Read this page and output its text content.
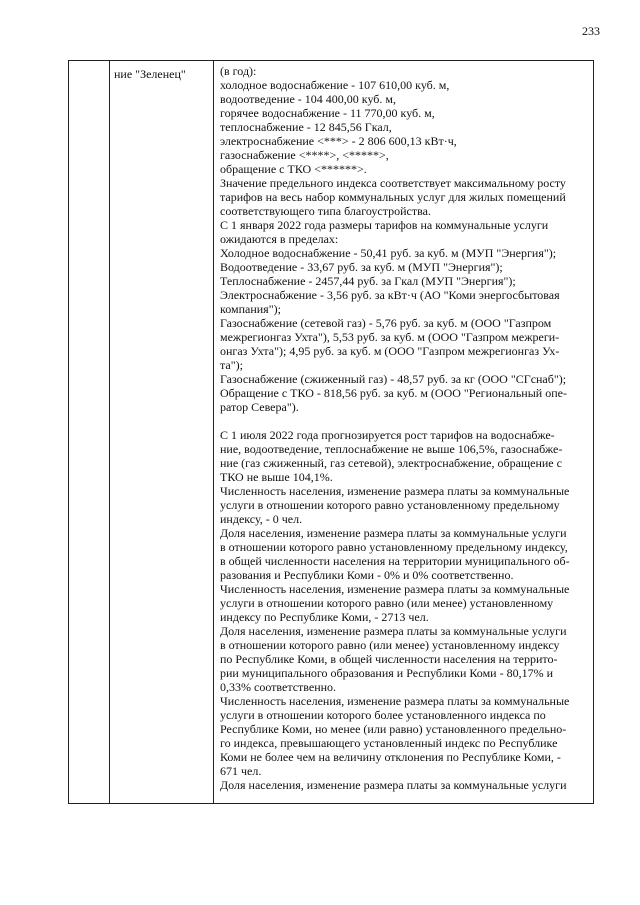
233
	ние "Зеленец"	(в год):
холодное водоснабжение - 107 610,00 куб. м,
водоотведение - 104 400,00 куб. м,
горячее водоснабжение - 11 770,00 куб. м,
теплоснабжение - 12 845,56 Гкал,
электроснабжение <***> - 2 806 600,13 кВт·ч,
газоснабжение <****>, <*****>,
обращение с ТКО <******>.
Значение предельного индекса соответствует максимальному росту
тарифов на весь набор коммунальных услуг для жилых помещений
соответствующего типа благоустройства.
С 1 января 2022 года размеры тарифов на коммунальные услуги
ожидаются в пределах:
Холодное водоснабжение - 50,41 руб. за куб. м (МУП "Энергия");
Водоотведение - 33,67 руб. за куб. м (МУП "Энергия");
Теплоснабжение - 2457,44 руб. за Гкал (МУП "Энергия");
Электроснабжение - 3,56 руб. за кВт·ч (АО "Коми энергосбытовая
компания");
Газоснабжение (сетевой газ) - 5,76 руб. за куб. м (ООО "Газпром
межрегионгаз Ухта"), 5,53 руб. за куб. м (ООО "Газпром межреги-
онгаз Ухта"); 4,95 руб. за куб. м (ООО "Газпром межрегионгаз Ух-
та");
Газоснабжение (сжиженный газ) - 48,57 руб. за кг (ООО "СГснаб");
Обращение с ТКО - 818,56 руб. за куб. м (ООО "Региональный опе-
ратор Севера").
С 1 июля 2022 года прогнозируется рост тарифов на водоснабже-
ние, водоотведение, теплоснабжение не выше 106,5%, газоснабже-
ние (газ сжиженный, газ сетевой), электроснабжение, обращение с
ТКО не выше 104,1%.
Численность населения, изменение размера платы за коммунальные
услуги в отношении которого равно установленному предельному
индексу, - 0 чел.
Доля населения, изменение размера платы за коммунальные услуги
в отношении которого равно установленному предельному индексу,
в общей численности населения на территории муниципального об-
разования и Республики Коми - 0% и 0% соответственно.
Численность населения, изменение размера платы за коммунальные
услуги в отношении которого равно (или менее) установленному
индексу по Республике Коми, - 2713 чел.
Доля населения, изменение размера платы за коммунальные услуги
в отношении которого равно (или менее) установленному индексу
по Республике Коми, в общей численности населения на террито-
рии муниципального образования и Республики Коми - 80,17% и
0,33% соответственно.
Численность населения, изменение размера платы за коммунальные
услуги в отношении которого более установленного индекса по
Республике Коми, но менее (или равно) установленного предельно-
го индекса, превышающего установленный индекс по Республике
Коми не более чем на величину отклонения по Республике Коми, -
671 чел.
Доля населения, изменение размера платы за коммунальные услуги
